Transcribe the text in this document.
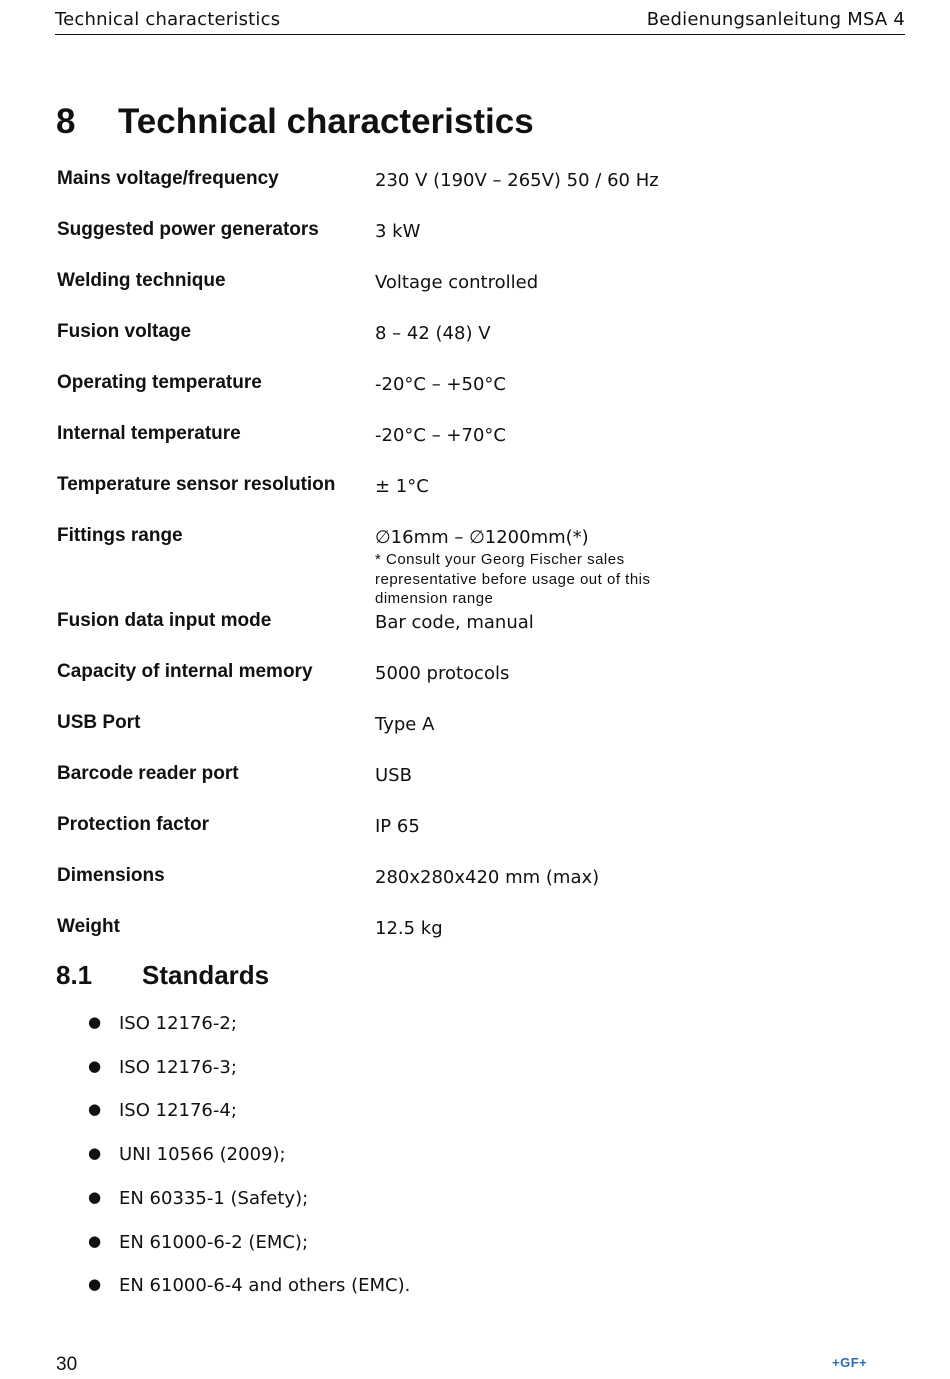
Technical characteristics	Bedienungsanleitung MSA 4
8 Technical characteristics
Mains voltage/frequency	230 V (190V – 265V) 50 / 60 Hz
Suggested power generators	3 kW
Welding technique	Voltage controlled
Fusion voltage	8 – 42 (48) V
Operating temperature	-20°C – +50°C
Internal temperature	-20°C – +70°C
Temperature sensor resolution ± 1°C
Fittings range	∅16mm – ∅1200mm(*)
* Consult your Georg Fischer sales representative before usage out of this dimension range
Fusion data input mode	Bar code, manual
Capacity of internal memory	5000 protocols
USB Port	Type A
Barcode reader port	USB
Protection factor	IP 65
Dimensions	280x280x420 mm (max)
Weight	12.5 kg
8.1 Standards
● ISO 12176-2;
● ISO 12176-3;
● ISO 12176-4;
● UNI 10566 (2009);
● EN 60335-1 (Safety);
● EN 61000-6-2 (EMC);
● EN 61000-6-4 and others (EMC).
30	+GF+
